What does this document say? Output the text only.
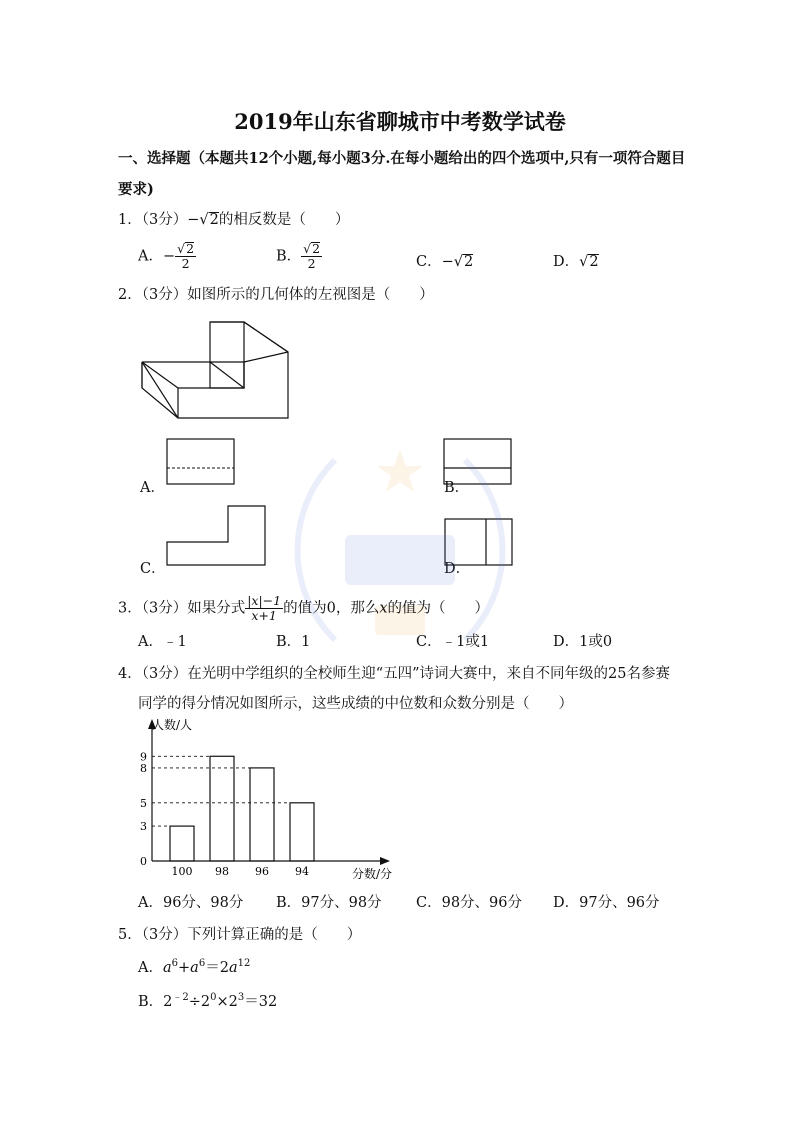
2019年山东省聊城市中考数学试卷
一、选择题（本题共12个小题,每小题3分.在每小题给出的四个选项中,只有一项符合题目
要求)
1．（3分）−√2的相反数是（　　）
A．− $\frac{√2}{2}$	B． $\frac{√2}{2}$	C．−√2	D．√2
2．（3分）如图所示的几何体的左视图是（　　）
A．	B．
C．	D．
3．（3分）如果分式 $\frac{|x|-1}{x+1}$ 的值为0，那么x的值为（　　）
A．﹣1	B．1	C．﹣1或1	D．1或0
4．（3分）在光明中学组织的全校师生迎“五四”诗词大赛中，来自不同年级的25名参赛
同学的得分情况如图所示，这些成绩的中位数和众数分别是（　　）
100 98 96 94
0
3
5
8
9
人数/人
分数/分
A．96分、98分 B．97分、98分 C．98分、96分 D．97分、96分
5．（3分）下列计算正确的是（　　）
A．$a^6+a^6=2a^{12}$
B．$2^{﹣2}\div 2^0\times 2^3=32$
